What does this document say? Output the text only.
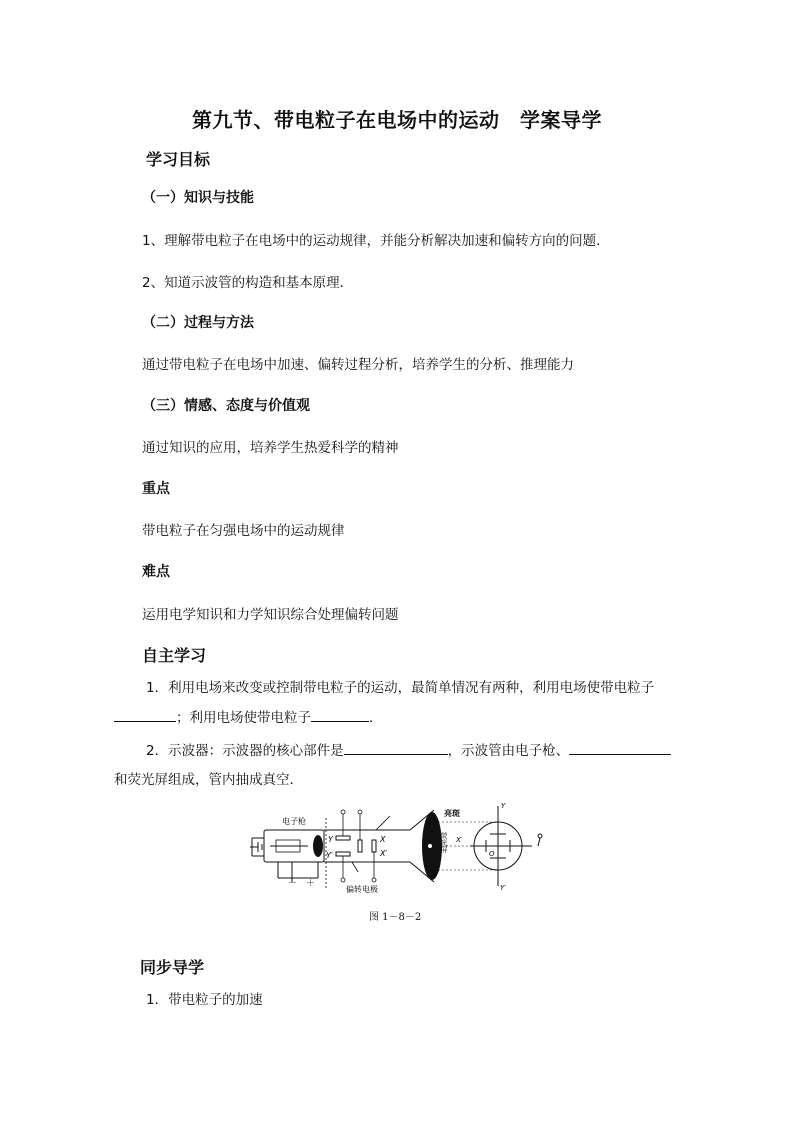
第九节、带电粒子在电场中的运动　学案导学
学习目标
（一）知识与技能
1、理解带电粒子在电场中的运动规律，并能分析解决加速和偏转方向的问题．
2、知道示波管的构造和基本原理．
（二）过程与方法
通过带电粒子在电场中加速、偏转过程分析，培养学生的分析、推理能力
（三）情感、态度与价值观
通过知识的应用，培养学生热爱科学的精神
重点
带电粒子在匀强电场中的运动规律
难点
运用电学知识和力学知识综合处理偏转问题
自主学习
1．利用电场来改变或控制带电粒子的运动，最简单情况有两种，利用电场使带电粒子
；利用电场使带电粒子	．
2．示波器：示波器的核心部件是	，示波管由电子枪、
和荧光屏组成，管内抽成真空．
电子枪
－ ＋
Y
Y′
X
X′
偏转电极
亮斑
荧光屏 X′
Y
Y′
O
图 1－8－2
同步导学
1．带电粒子的加速
